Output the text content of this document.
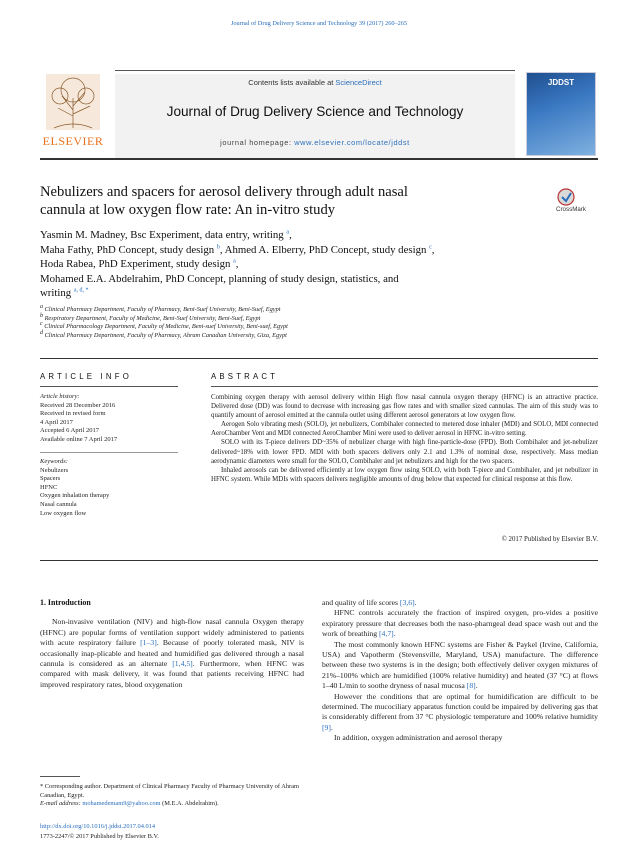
Journal of Drug Delivery Science and Technology 39 (2017) 260–265
Contents lists available at ScienceDirect
Journal of Drug Delivery Science and Technology
journal homepage: www.elsevier.com/locate/jddst
ELSEVIER
JDDST
Nebulizers and spacers for aerosol delivery through adult nasal
cannula at low oxygen flow rate: An in-vitro study	CrossMark
Yasmin M. Madney, Bsc Experiment, data entry, writing $^a$,
Maha Fathy, PhD Concept, study design $^b$, Ahmed A. Elberry, PhD Concept, study design $^c$,
Hoda Rabea, PhD Experiment, study design $^a$,
Mohamed E.A. Abdelrahim, PhD Concept, planning of study design, statistics, and
writing $^{a, d, *}$
$^a$ Clinical Pharmacy Department, Faculty of Pharmacy, Beni-Suef University, Beni-Suef, Egypt
$^b$ Respiratory Department, Faculty of Medicine, Beni-Suef University, Beni-Suef, Egypt
$^c$ Clinical Pharmacology Department, Faculty of Medicine, Beni-suef University, Beni-suef, Egypt
$^d$ Clinical Pharmacy Department, Faculty of Pharmacy, Ahram Canadian University, Giza, Egypt
ARTICLE INFO
Article history:
Received 28 December 2016
Received in revised form
4 April 2017
Accepted 6 April 2017
Available online 7 April 2017
Keywords:
Nebulizers
Spacers
HFNC
Oxygen inhalation therapy
Nasal cannula
Low oxygen flow
ABSTRACT

Combining oxygen therapy with aerosol delivery within High flow nasal cannula oxygen therapy (HFNC) is an attractive practice. Delivered dose (DD) was found to decrease with increasing gas flow rates and with smaller sized cannulas. The aim of this study was to quantify amount of aerosol emitted at the cannula outlet using different aerosol generators at low oxygen flow.

Aerogen Solo vibrating mesh (SOLO), jet nebulizers, Combihaler connected to metered dose inhaler (MDI) and SOLO, MDI connected AeroChamber Vent and MDI connected AeroChamber Mini were used to deliver aerosol in HFNC in-vitro setting.

SOLO with its T-piece delivers DD~35% of nebulizer charge with high fine-particle-dose (FPD). Both Combihaler and jet-nebulizer delivered~18% with lower FPD. MDI with both spacers delivers only 2.1 and 1.3% of nominal dose, respectively. Mass median aerodynamic diameters were small for the SOLO, Combihaler and jet nebulizers and high for the two spacers.

Inhaled aerosols can be delivered efficiently at low oxygen flow using SOLO, with both T-piece and Combihaler, and jet nebulizer in HFNC system. While MDIs with spacers delivers negligible amounts of drug below that expected for clinical response at this flow.

© 2017 Published by Elsevier B.V.
1. Introduction

Non-invasive ventilation (NIV) and high-flow nasal cannula Oxygen therapy (HFNC) are popular forms of ventilation support widely administered to patients with acute respiratory failure [1–3]. Because of poorly tolerated mask, NIV is occasionally inap-plicable and heated and humidified gas delivered through a nasal cannula is considered as an alternate [1,4,5]. Furthermore, when HFNC was compared with mask delivery, it was found that patients receiving HFNC had improved respiratory rates, blood oxygenation

and quality of life scores [3,6].

HFNC controls accurately the fraction of inspired oxygen, pro-vides a positive expiratory pressure that decreases both the naso-pharngeal dead space wash out and the work of breathing [4,7].

The most commonly known HFNC systems are Fisher & Paykel (Irvine, California, USA) and Vapotherm (Stevensville, Maryland, USA) manufacture. The difference between these two systems is in the design; both effectively deliver oxygen mixtures of 21%–100% which are humidified (100% relative humidity) and heated (37 °C) at flows 1–40 L/min to soothe dryness of nasal mucosa [8].

However the conditions that are optimal for humidification are difficult to be determined. The mucociliary apparatus function could be impaired by delivering gas that is considerably different from 37 °C physiologic temperature and 100% relative humidity [9].

In addition, oxygen administration and aerosol therapy

* Corresponding author. Department of Clinical Pharmacy Faculty of Pharmacy University of Ahram Canadian, Egypt.
E-mail address: mohamedemam9@yahoo.com (M.E.A. Abdelrahim).
http://dx.doi.org/10.1016/j.jddst.2017.04.014
1773-2247/© 2017 Published by Elsevier B.V.
